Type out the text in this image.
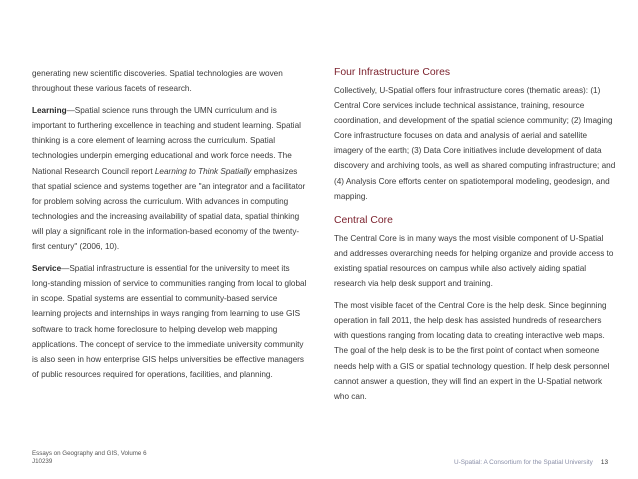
generating new scientific discoveries. Spatial technologies are woven throughout these various facets of research.

Learning—Spatial science runs through the UMN curriculum and is important to furthering excellence in teaching and student learning. Spatial thinking is a core element of learning across the curriculum. Spatial technologies underpin emerging educational and work force needs. The National Research Council report Learning to Think Spatially emphasizes that spatial science and systems together are "an integrator and a facilitator for problem solving across the curriculum. With advances in computing technologies and the increasing availability of spatial data, spatial thinking will play a significant role in the information-based economy of the twenty-first century" (2006, 10).

Service—Spatial infrastructure is essential for the university to meet its long-standing mission of service to communities ranging from local to global in scope. Spatial systems are essential to community-based service learning projects and internships in ways ranging from learning to use GIS software to track home foreclosure to helping develop web mapping applications. The concept of service to the immediate university community is also seen in how enterprise GIS helps universities be effective managers of public resources required for operations, facilities, and planning.

Four Infrastructure Cores

Collectively, U-Spatial offers four infrastructure cores (thematic areas): (1) Central Core services include technical assistance, training, resource coordination, and development of the spatial science community; (2) Imaging Core infrastructure focuses on data and analysis of aerial and satellite imagery of the earth; (3) Data Core initiatives include development of data discovery and archiving tools, as well as shared computing infrastructure; and (4) Analysis Core efforts center on spatiotemporal modeling, geodesign, and mapping.

Central Core

The Central Core is in many ways the most visible component of U-Spatial and addresses overarching needs for helping organize and provide access to existing spatial resources on campus while also actively aiding spatial research via help desk support and training.

The most visible facet of the Central Core is the help desk. Since beginning operation in fall 2011, the help desk has assisted hundreds of researchers with questions ranging from locating data to creating interactive web maps. The goal of the help desk is to be the first point of contact when someone needs help with a GIS or spatial technology question. If help desk personnel cannot answer a question, they will find an expert in the U-Spatial network who can.

Essays on Geography and GIS, Volume 6
J10239	U-Spatial: A Consortium for the Spatial University 13
